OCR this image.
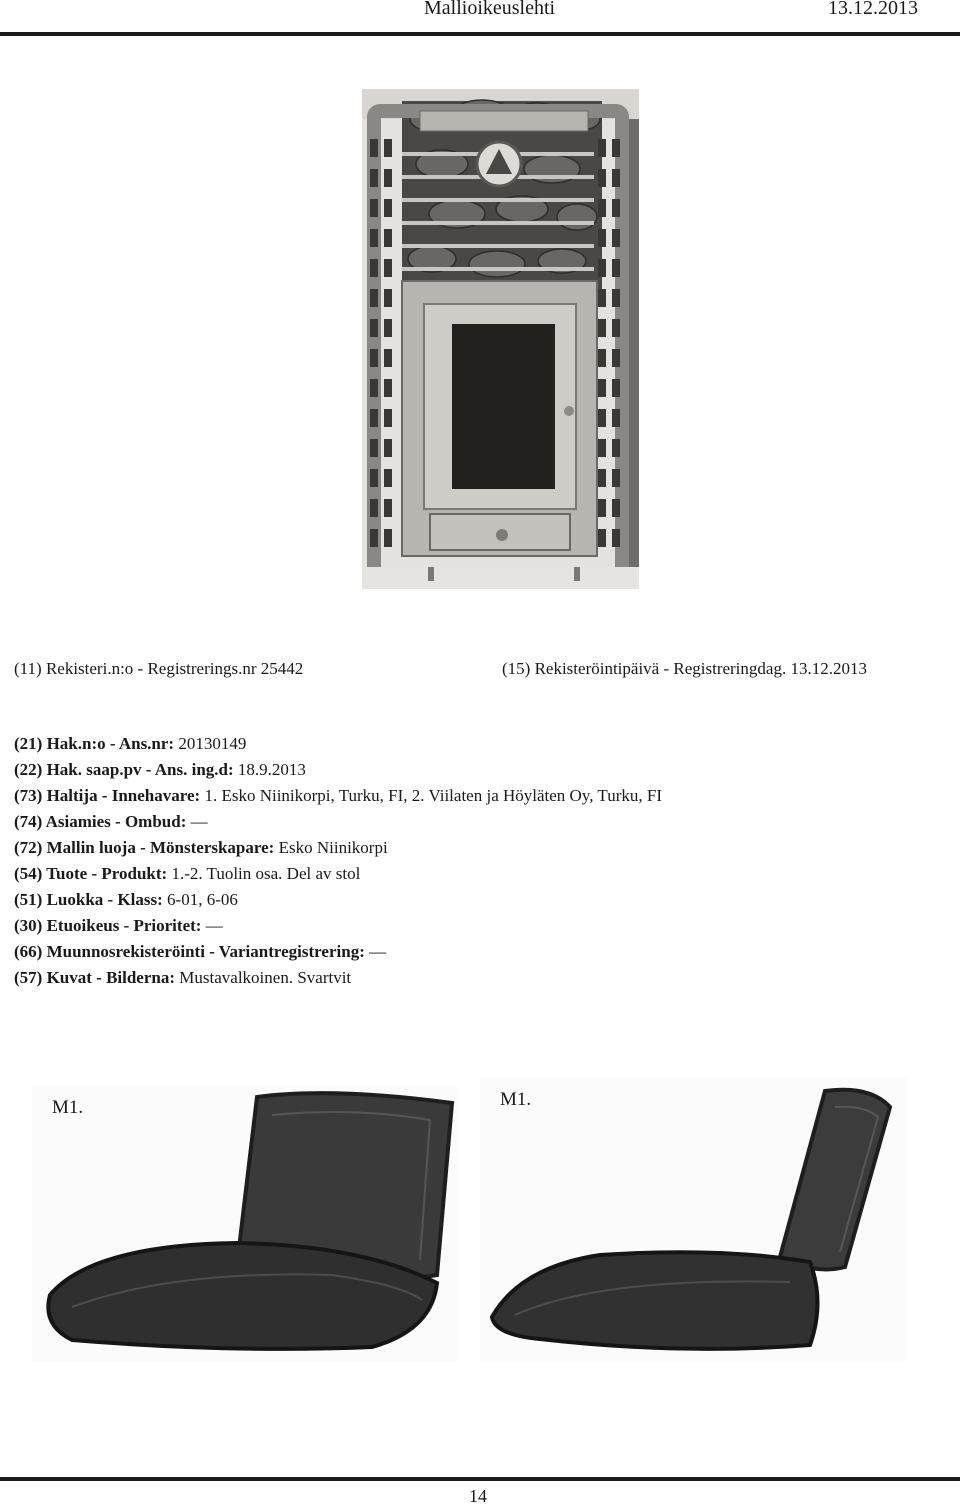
Mallioikeuslehti	13.12.2013
(11) Rekisteri.n:o - Registrerings.nr 25442	(15) Rekisteröintipäivä - Registreringdag. 13.12.2013
(21) Hak.n:o - Ans.nr: 20130149
(22) Hak. saap.pv - Ans. ing.d: 18.9.2013
(73) Haltija - Innehavare: 1. Esko Niinikorpi, Turku, FI, 2. Viilaten ja Höyläten Oy, Turku, FI
(74) Asiamies - Ombud: —
(72) Mallin luoja - Mönsterskapare: Esko Niinikorpi
(54) Tuote - Produkt: 1.-2. Tuolin osa. Del av stol
(51) Luokka - Klass: 6-01, 6-06
(30) Etuoikeus - Prioritet: —
(66) Muunnosrekisteröinti - Variantregistrering: —
(57) Kuvat - Bilderna: Mustavalkoinen. Svartvit
M1.	M1.
14
